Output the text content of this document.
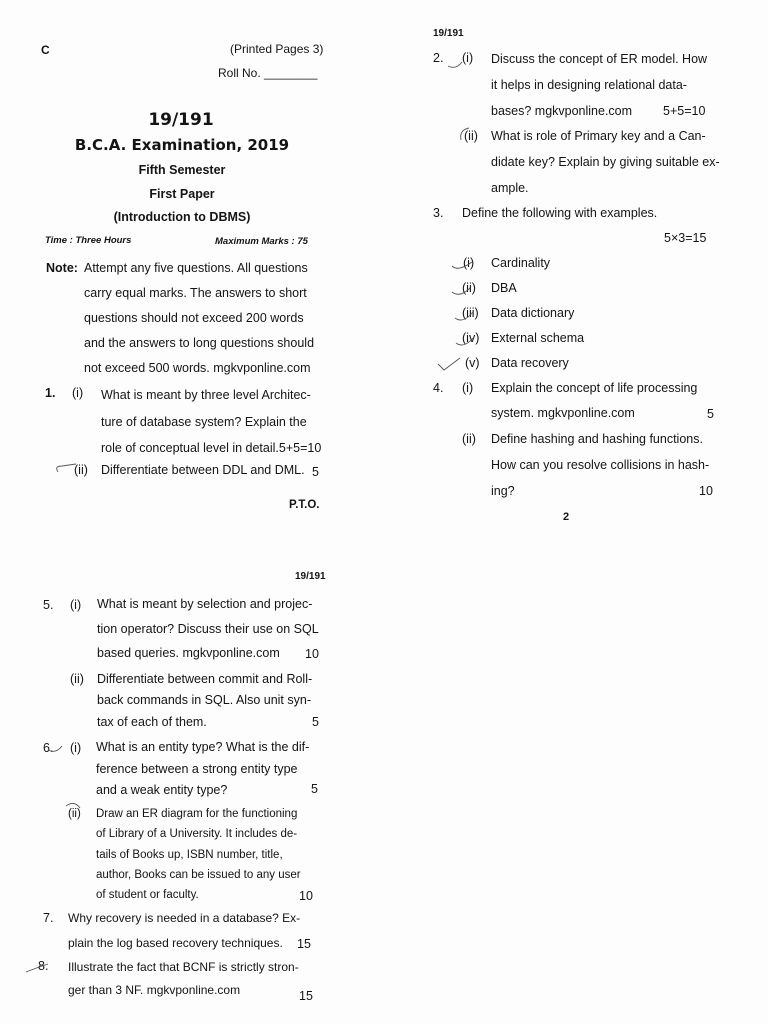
C	(Printed Pages 3)
Roll No. ________
19/191
B.C.A. Examination, 2019
Fifth Semester
First Paper
(Introduction to DBMS)
Time : Three Hours	Maximum Marks : 75
Note: Attempt any five questions. All questions
carry equal marks. The answers to short
questions should not exceed 200 words
and the answers to long questions should
not exceed 500 words. mgkvponline.com
1. (i) What is meant by three level Architec-
ture of database system? Explain the
role of conceptual level in detail.5+5=10
(ii) Differentiate between DDL and DML. 5
P.T.O.
19/191
2. (i) Discuss the concept of ER model. How
it helps in designing relational data-
bases? mgkvponline.com 5+5=10
(ii) What is role of Primary key and a Can-
didate key? Explain by giving suitable ex-
ample.
3. Define the following with examples.
5×3=15
(i) Cardinality
(ii) DBA
(iii) Data dictionary
(iv) External schema
(v) Data recovery
4. (i) Explain the concept of life processing
system. mgkvponline.com	5
(ii) Define hashing and hashing functions.
How can you resolve collisions in hash-
ing?	10
2
19/191
5. (i) What is meant by selection and projec-
tion operator? Discuss their use on SQL
based queries. mgkvponline.com 10
(ii) Differentiate between commit and Roll-
back commands in SQL. Also unit syn-
tax of each of them.	5
6. (i) What is an entity type? What is the dif-
ference between a strong entity type
and a weak entity type?	5
(ii) Draw an ER diagram for the functioning
of Library of a University. It includes de-
tails of Books up, ISBN number, title,
author, Books can be issued to any user
of student or faculty.	10
7. Why recovery is needed in a database? Ex-
plain the log based recovery techniques. 15
8. Illustrate the fact that BCNF is strictly stron-
ger than 3 NF. mgkvponline.com	15
